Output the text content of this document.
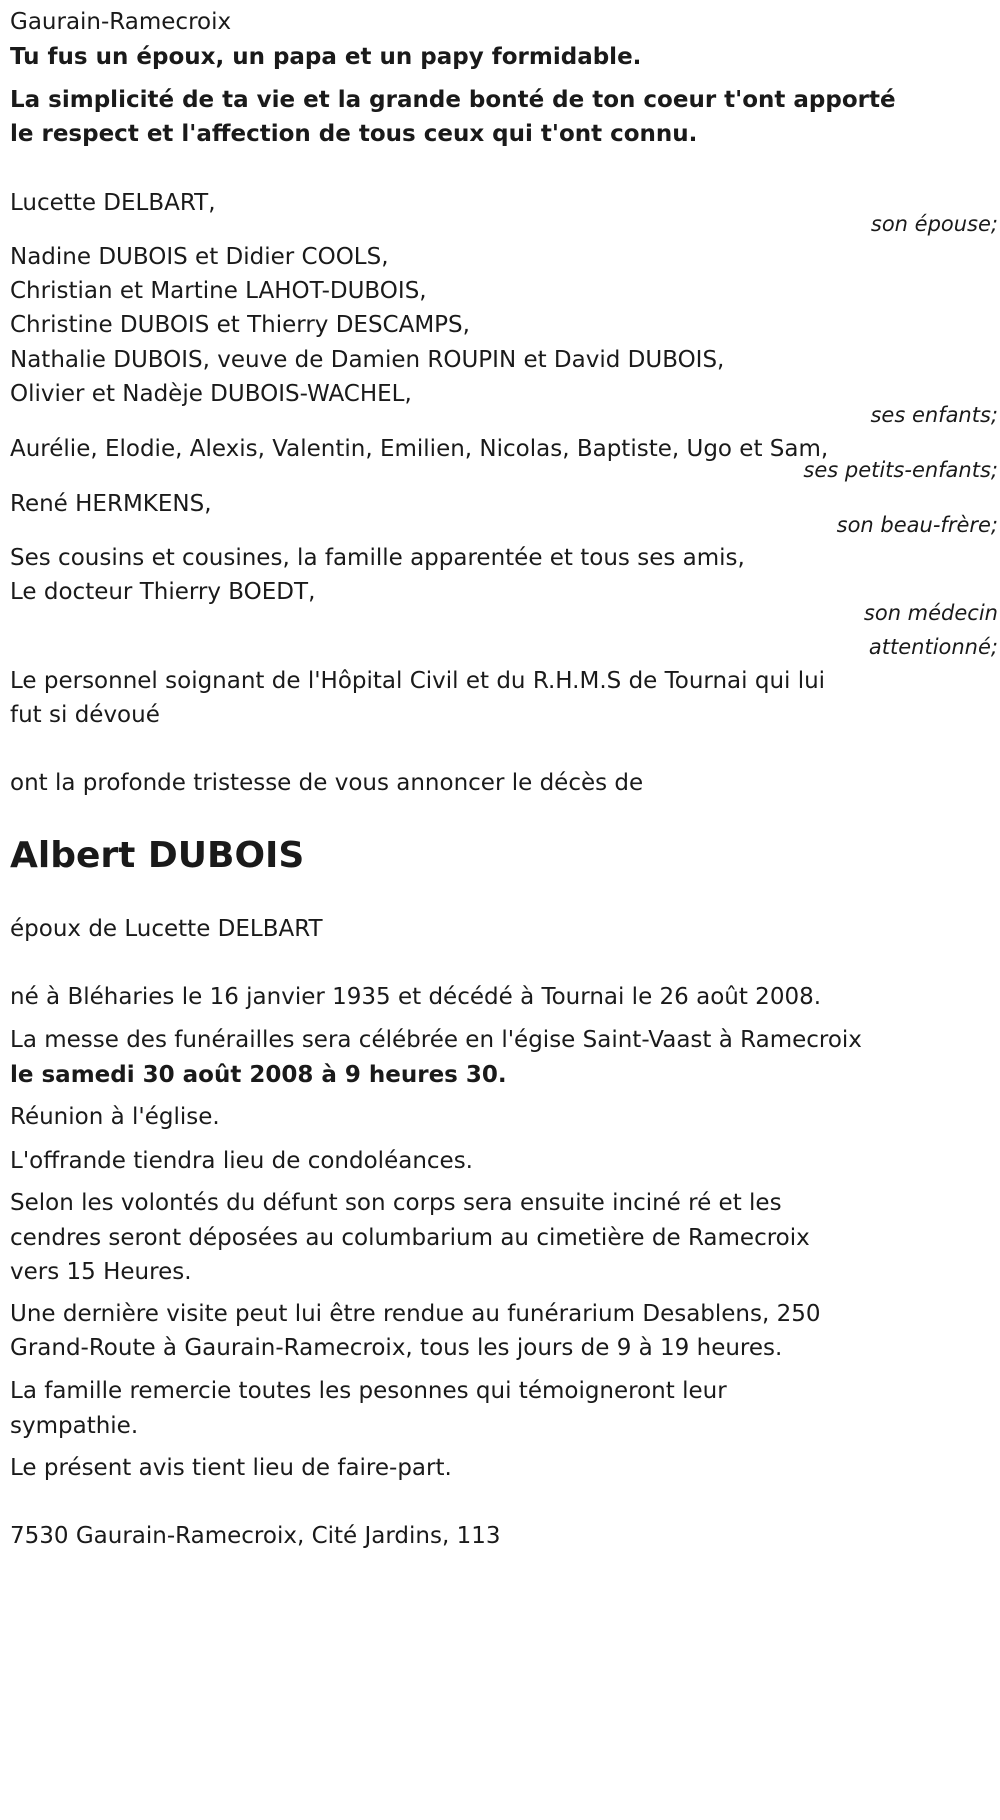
Gaurain-Ramecroix
Tu fus un époux, un papa et un papy formidable.
La simplicité de ta vie et la grande bonté de ton coeur t'ont apporté
le respect et l'affection de tous ceux qui t'ont connu.
Lucette DELBART,
son épouse;
Nadine DUBOIS et Didier COOLS,
Christian et Martine LAHOT-DUBOIS,
Christine DUBOIS et Thierry DESCAMPS,
Nathalie DUBOIS, veuve de Damien ROUPIN et David DUBOIS,
Olivier et Nadèje DUBOIS-WACHEL,
ses enfants;
Aurélie, Elodie, Alexis, Valentin, Emilien, Nicolas, Baptiste, Ugo et Sam,
ses petits-enfants;
René HERMKENS,
son beau-frère;
Ses cousins et cousines, la famille apparentée et tous ses amis,
Le docteur Thierry BOEDT,
son médecin
attentionné;
Le personnel soignant de l'Hôpital Civil et du R.H.M.S de Tournai qui lui
fut si dévoué
ont la profonde tristesse de vous annoncer le décès de
Albert DUBOIS
époux de Lucette DELBART
né à Bléharies le 16 janvier 1935 et décédé à Tournai le 26 août 2008.
La messe des funérailles sera célébrée en l'égise Saint-Vaast à Ramecroix
le samedi 30 août 2008 à 9 heures 30.
Réunion à l'église.
L'offrande tiendra lieu de condoléances.
Selon les volontés du défunt son corps sera ensuite inciné ré et les
cendres seront déposées au columbarium au cimetière de Ramecroix
vers 15 Heures.
Une dernière visite peut lui être rendue au funérarium Desablens, 250
Grand-Route à Gaurain-Ramecroix, tous les jours de 9 à 19 heures.
La famille remercie toutes les pesonnes qui témoigneront leur
sympathie.
Le présent avis tient lieu de faire-part.
7530 Gaurain-Ramecroix, Cité Jardins, 113
